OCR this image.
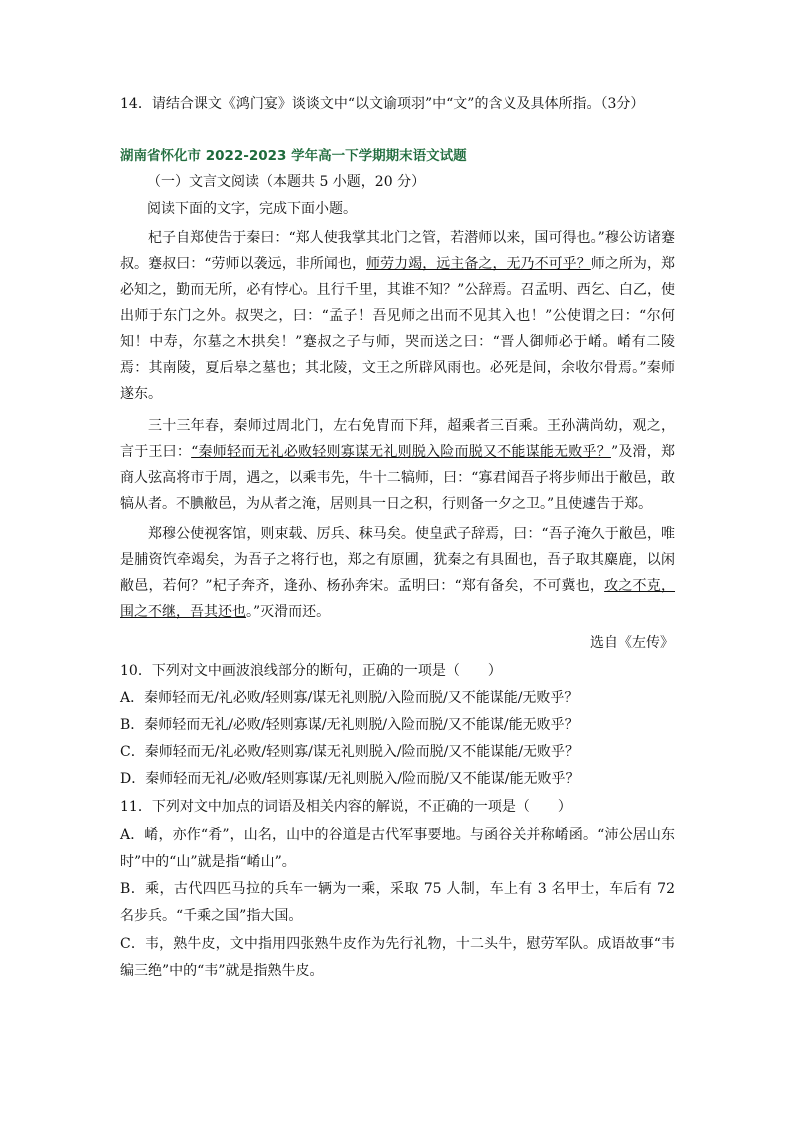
14．请结合课文《鸿门宴》谈谈文中“以文谕项羽”中“文”的含义及具体所指。（3分）
湖南省怀化市 2022-2023 学年高一下学期期末语文试题
（一）文言文阅读（本题共 5 小题，20 分）
阅读下面的文字，完成下面小题。
杞子自郑使告于秦曰：“郑人使我掌其北门之管，若潜师以来，国可得也。”穆公访诸蹇叔。蹇叔曰：“劳师以袭远，非所闻也，师劳力竭，远主备之，无乃不可乎？师之所为，郑必知之，勤而无所，必有悖心。且行千里，其谁不知？”公辞焉。召孟明、西乞、白乙，使出师于东门之外。叔哭之，曰：“孟子！吾见师之出而不见其入也！”公使谓之曰：“尔何知！中寿，尔墓之木拱矣！”蹇叔之子与师，哭而送之曰：“晋人御师必于崤。崤有二陵焉：其南陵，夏后皋之墓也；其北陵，文王之所辟风雨也。必死是间，余收尔骨焉。”秦师遂东。
三十三年春，秦师过周北门，左右免胄而下拜，超乘者三百乘。王孙满尚幼，观之，言于王曰：“秦师轻而无礼必败轻则寡谋无礼则脱入险而脱又不能谋能无败乎？”及滑，郑商人弦高将市于周，遇之，以乘韦先，牛十二犒师，曰：“寡君闻吾子将步师出于敝邑，敢犒从者。不腆敝邑，为从者之淹，居则具一日之积，行则备一夕之卫。”且使遽告于郑。
郑穆公使视客馆，则束载、厉兵、秣马矣。使皇武子辞焉，曰：“吾子淹久于敝邑，唯是脯资饩牵竭矣，为吾子之将行也，郑之有原圃，犹秦之有具囿也，吾子取其麋鹿，以闲敝邑，若何？”杞子奔齐，逢孙、杨孙奔宋。孟明曰：“郑有备矣，不可冀也，攻之不克，围之不继，吾其还也。”灭滑而还。
选自《左传》
10．下列对文中画波浪线部分的断句，正确的一项是（　　）
A．秦师轻而无/礼必败/轻则寡/谋无礼则脱/入险而脱/又不能谋能/无败乎？
B．秦师轻而无礼/必败/轻则寡谋/无礼则脱/入险而脱/又不能谋/能无败乎？
C．秦师轻而无/礼必败/轻则寡/谋无礼则脱入/险而脱/又不能谋能/无败乎？
D．秦师轻而无礼/必败/轻则寡谋/无礼则脱入/险而脱/又不能谋/能无败乎？
11．下列对文中加点的词语及相关内容的解说，不正确的一项是（　　）
A．崤，亦作“肴”，山名，山中的谷道是古代军事要地。与函谷关并称崤函。“沛公居山东时”中的“山”就是指“崤山”。
B．乘，古代四匹马拉的兵车一辆为一乘，采取 75 人制，车上有 3 名甲士，车后有 72 名步兵。“千乘之国”指大国。
C．韦，熟牛皮，文中指用四张熟牛皮作为先行礼物，十二头牛，慰劳军队。成语故事“韦编三绝”中的“韦”就是指熟牛皮。
